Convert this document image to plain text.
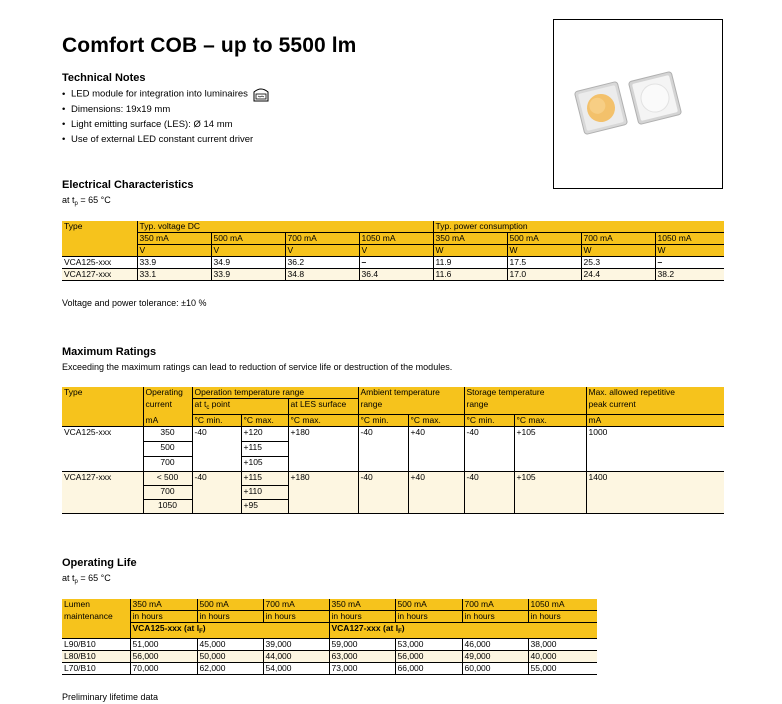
Comfort COB – up to 5500 lm
Technical Notes
• LED module for integration into luminaires
• Dimensions: 19x19 mm
• Light emitting surface (LES): Ø 14 mm
• Use of external LED constant current driver
Electrical Characteristics
at $t_p = 65$ °C
Type	Typ. voltage DC				Typ. power consumption			
	350 mA	500 mA	700 mA	1050 mA	350 mA	500 mA	700 mA	1050 mA
	V	V	V	V	W	W	W	W
VCA125-xxx	33.9	34.9	36.2	–	11.9	17.5	25.3	–
VCA127-xxx	33.1	33.9	34.8	36.4	11.6	17.0	24.4	38.2
Voltage and power tolerance: ±10 %
Maximum Ratings
Exceeding the maximum ratings can lead to reduction of service life or destruction of the modules.
Type	Operating	Operation temperature range			Ambient temperature		Storage temperature		Max. allowed repetitive
	current	at $t_c$ point		at LES surface	range		range		peak current
	mA	°C min.	°C max.	°C max.	°C min.	°C max.	°C min.	°C max.	mA
VCA125-xxx	350	-40	+120	+180	-40	+40	-40	+105	1000
	500		+115						
	700		+105						
VCA127-xxx	< 500	-40	+115	+180	-40	+40	-40	+105	1400
	700		+110						
	1050		+95						
Operating Life
at $t_p = 65$ °C
Lumen	350 mA	500 mA	700 mA	350 mA	500 mA	700 mA	1050 mA
maintenance	in hours	in hours	in hours	in hours	in hours	in hours	in hours
	VCA125-xxx (at $I_F$)			VCA127-xxx (at $I_F$)			
L90/B10	51,000	45,000	39,000	59,000	53,000	46,000	38,000
L80/B10	56,000	50,000	44,000	63,000	56,000	49,000	40,000
L70/B10	70,000	62,000	54,000	73,000	66,000	60,000	55,000
Preliminary lifetime data
